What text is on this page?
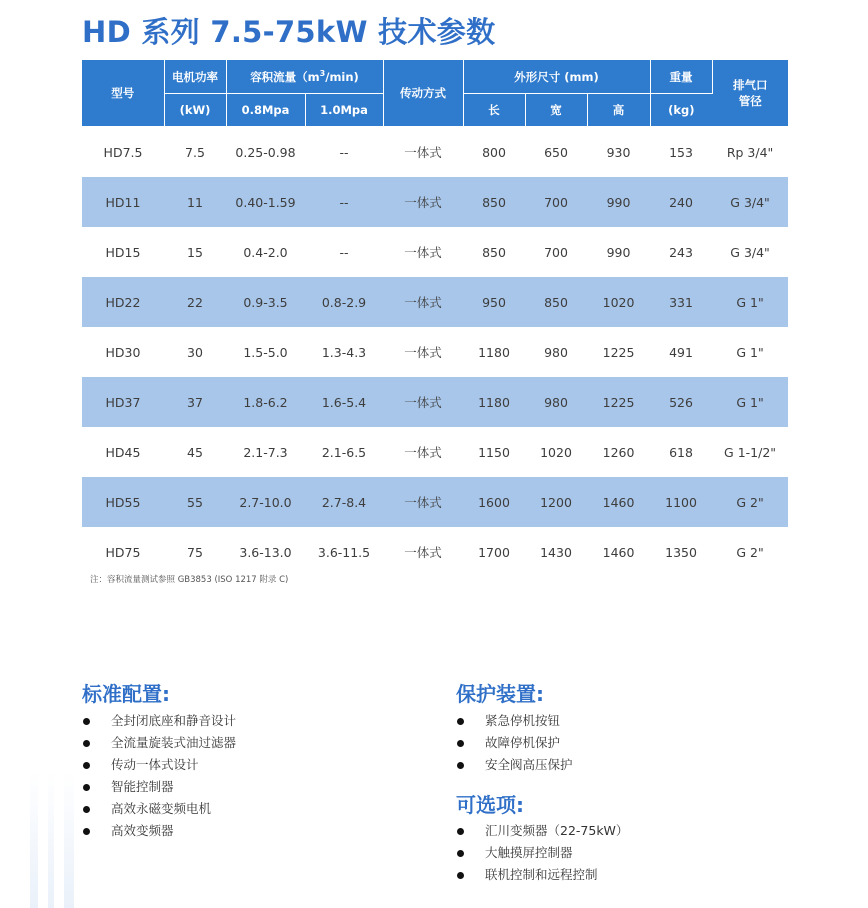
HD 系列 7.5-75kW 技术参数
型号	电机功率	容积流量$(m^3/\min)$		传动方式	外形尺寸 (mm)			重量	排气口
管径

	(kW)	0.8Mpa	1.0Mpa		长	宽	高	(kg)	
HD7.5	7.5	0.25-0.98	--	一体式	800	650	930	153	Rp 3/4"
HD11	11	0.40-1.59	--	一体式	850	700	990	240	G 3/4"
HD15	15	0.4-2.0	--	一体式	850	700	990	243	G 3/4"
HD22	22	0.9-3.5	0.8-2.9	一体式	950	850	1020	331	G 1"
HD30	30	1.5-5.0	1.3-4.3	一体式	1180	980	1225	491	G 1"
HD37	37	1.8-6.2	1.6-5.4	一体式	1180	980	1225	526	G 1"
HD45	45	2.1-7.3	2.1-6.5	一体式	1150	1020	1260	618	G 1-1/2"
HD55	55	2.7-10.0	2.7-8.4	一体式	1600	1200	1460	1100	G 2"
HD75	75	3.6-13.0	3.6-11.5	一体式	1700	1430	1460	1350	G 2"
注：容积流量测试参照 GB3853 (ISO 1217 附录 C)
标准配置:
全封闭底座和静音设计
全流量旋装式油过滤器
传动一体式设计
智能控制器
高效永磁变频电机
高效变频器
保护装置:
紧急停机按钮
故障停机保护
安全阀高压保护
可选项:
汇川变频器（22-75kW）
大触摸屏控制器
联机控制和远程控制
